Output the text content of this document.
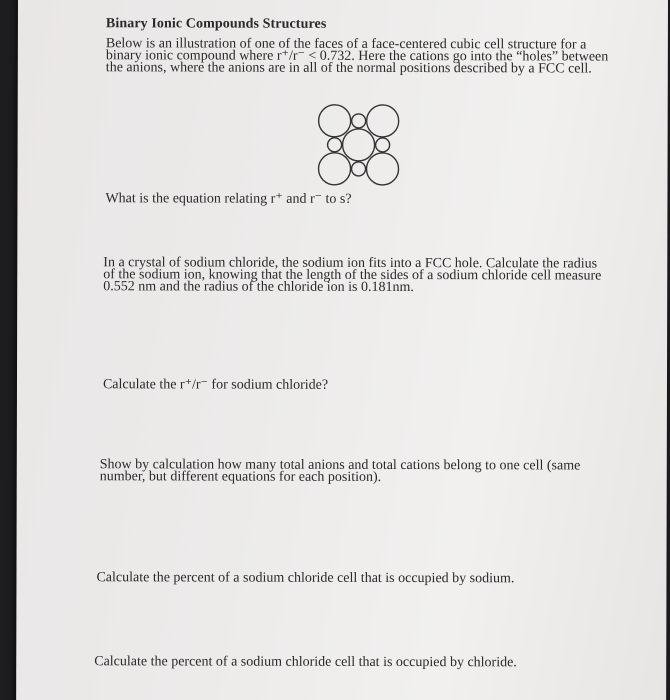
Binary Ionic Compounds Structures
Below is an illustration of one of the faces of a face-centered cubic cell structure for a
binary ionic compound where r⁺/r⁻ < 0.732. Here the cations go into the “holes” between
the anions, where the anions are in all of the normal positions described by a FCC cell.
What is the equation relating r⁺ and r⁻ to s?
In a crystal of sodium chloride, the sodium ion fits into a FCC hole. Calculate the radius
of the sodium ion, knowing that the length of the sides of a sodium chloride cell measure
0.552 nm and the radius of the chloride ion is 0.181nm.
Calculate the r⁺/r⁻ for sodium chloride?
Show by calculation how many total anions and total cations belong to one cell (same
number, but different equations for each position).
Calculate the percent of a sodium chloride cell that is occupied by sodium.
Calculate the percent of a sodium chloride cell that is occupied by chloride.
